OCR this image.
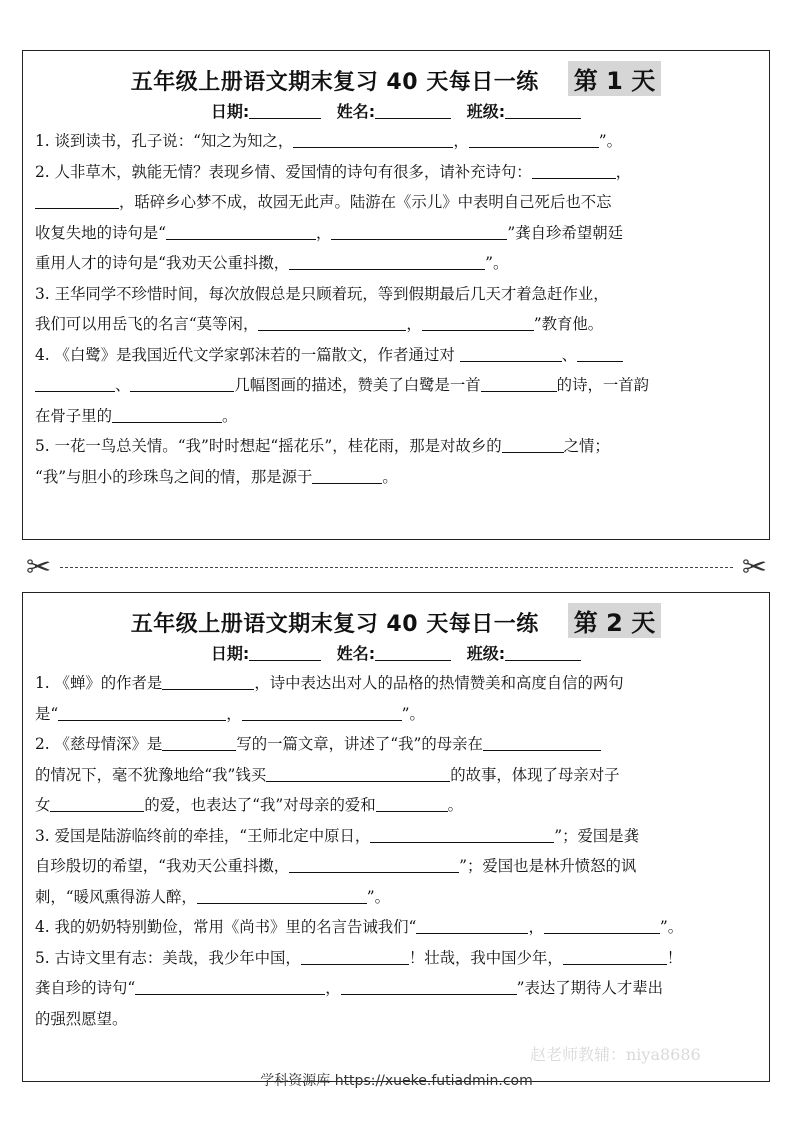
五年级上册语文期末复习 40 天每日一练 第 1 天
日期:	姓名:	班级:

1. 谈到读书，孔子说：“知之为知之，	，	”。

2. 人非草木，孰能无情？表现乡情、爱国情的诗句有很多，请补充诗句：	，
，聒碎乡心梦不成，故园无此声。陆游在《示儿》中表明自己死后也不忘
收复失地的诗句是“	，	”龚自珍希望朝廷
重用人才的诗句是“我劝天公重抖擞，	”。

3. 王华同学不珍惜时间，每次放假总是只顾着玩，等到假期最后几天才着急赶作业，
我们可以用岳飞的名言“莫等闲，	，	”教育他。

4. 《白鹭》是我国近代文学家郭沫若的一篇散文，作者通过对	、
、	几幅图画的描述，赞美了白鹭是一首	的诗，一首韵
在骨子里的	。

5. 一花一鸟总关情。“我”时时想起“摇花乐”，桂花雨，那是对故乡的	之情；
“我”与胆小的珍珠鸟之间的情，那是源于	。

✂	✂
五年级上册语文期末复习 40 天每日一练 第 2 天
日期:	姓名:	班级:

1. 《蝉》的作者是	，诗中表达出对人的品格的热情赞美和高度自信的两句
是“	，	”。

2. 《慈母情深》是	写的一篇文章，讲述了“我”的母亲在
的情况下，毫不犹豫地给“我”钱买	的故事，体现了母亲对子
女	的爱，也表达了“我”对母亲的爱和	。

3. 爱国是陆游临终前的牵挂，“王师北定中原日，	”；爱国是龚
自珍殷切的希望，“我劝天公重抖擞，	”；爱国也是林升愤怒的讽
刺，“暖风熏得游人醉，	”。

4. 我的奶奶特别勤俭，常用《尚书》里的名言告诫我们“	，	”。

5. 古诗文里有志：美哉，我少年中国，	！壮哉，我中国少年，	！
龚自珍的诗句“	，	”表达了期待人才辈出
的强烈愿望。

赵老师教辅：niya8686
学科资源库 https://xueke.futiadmin.com
